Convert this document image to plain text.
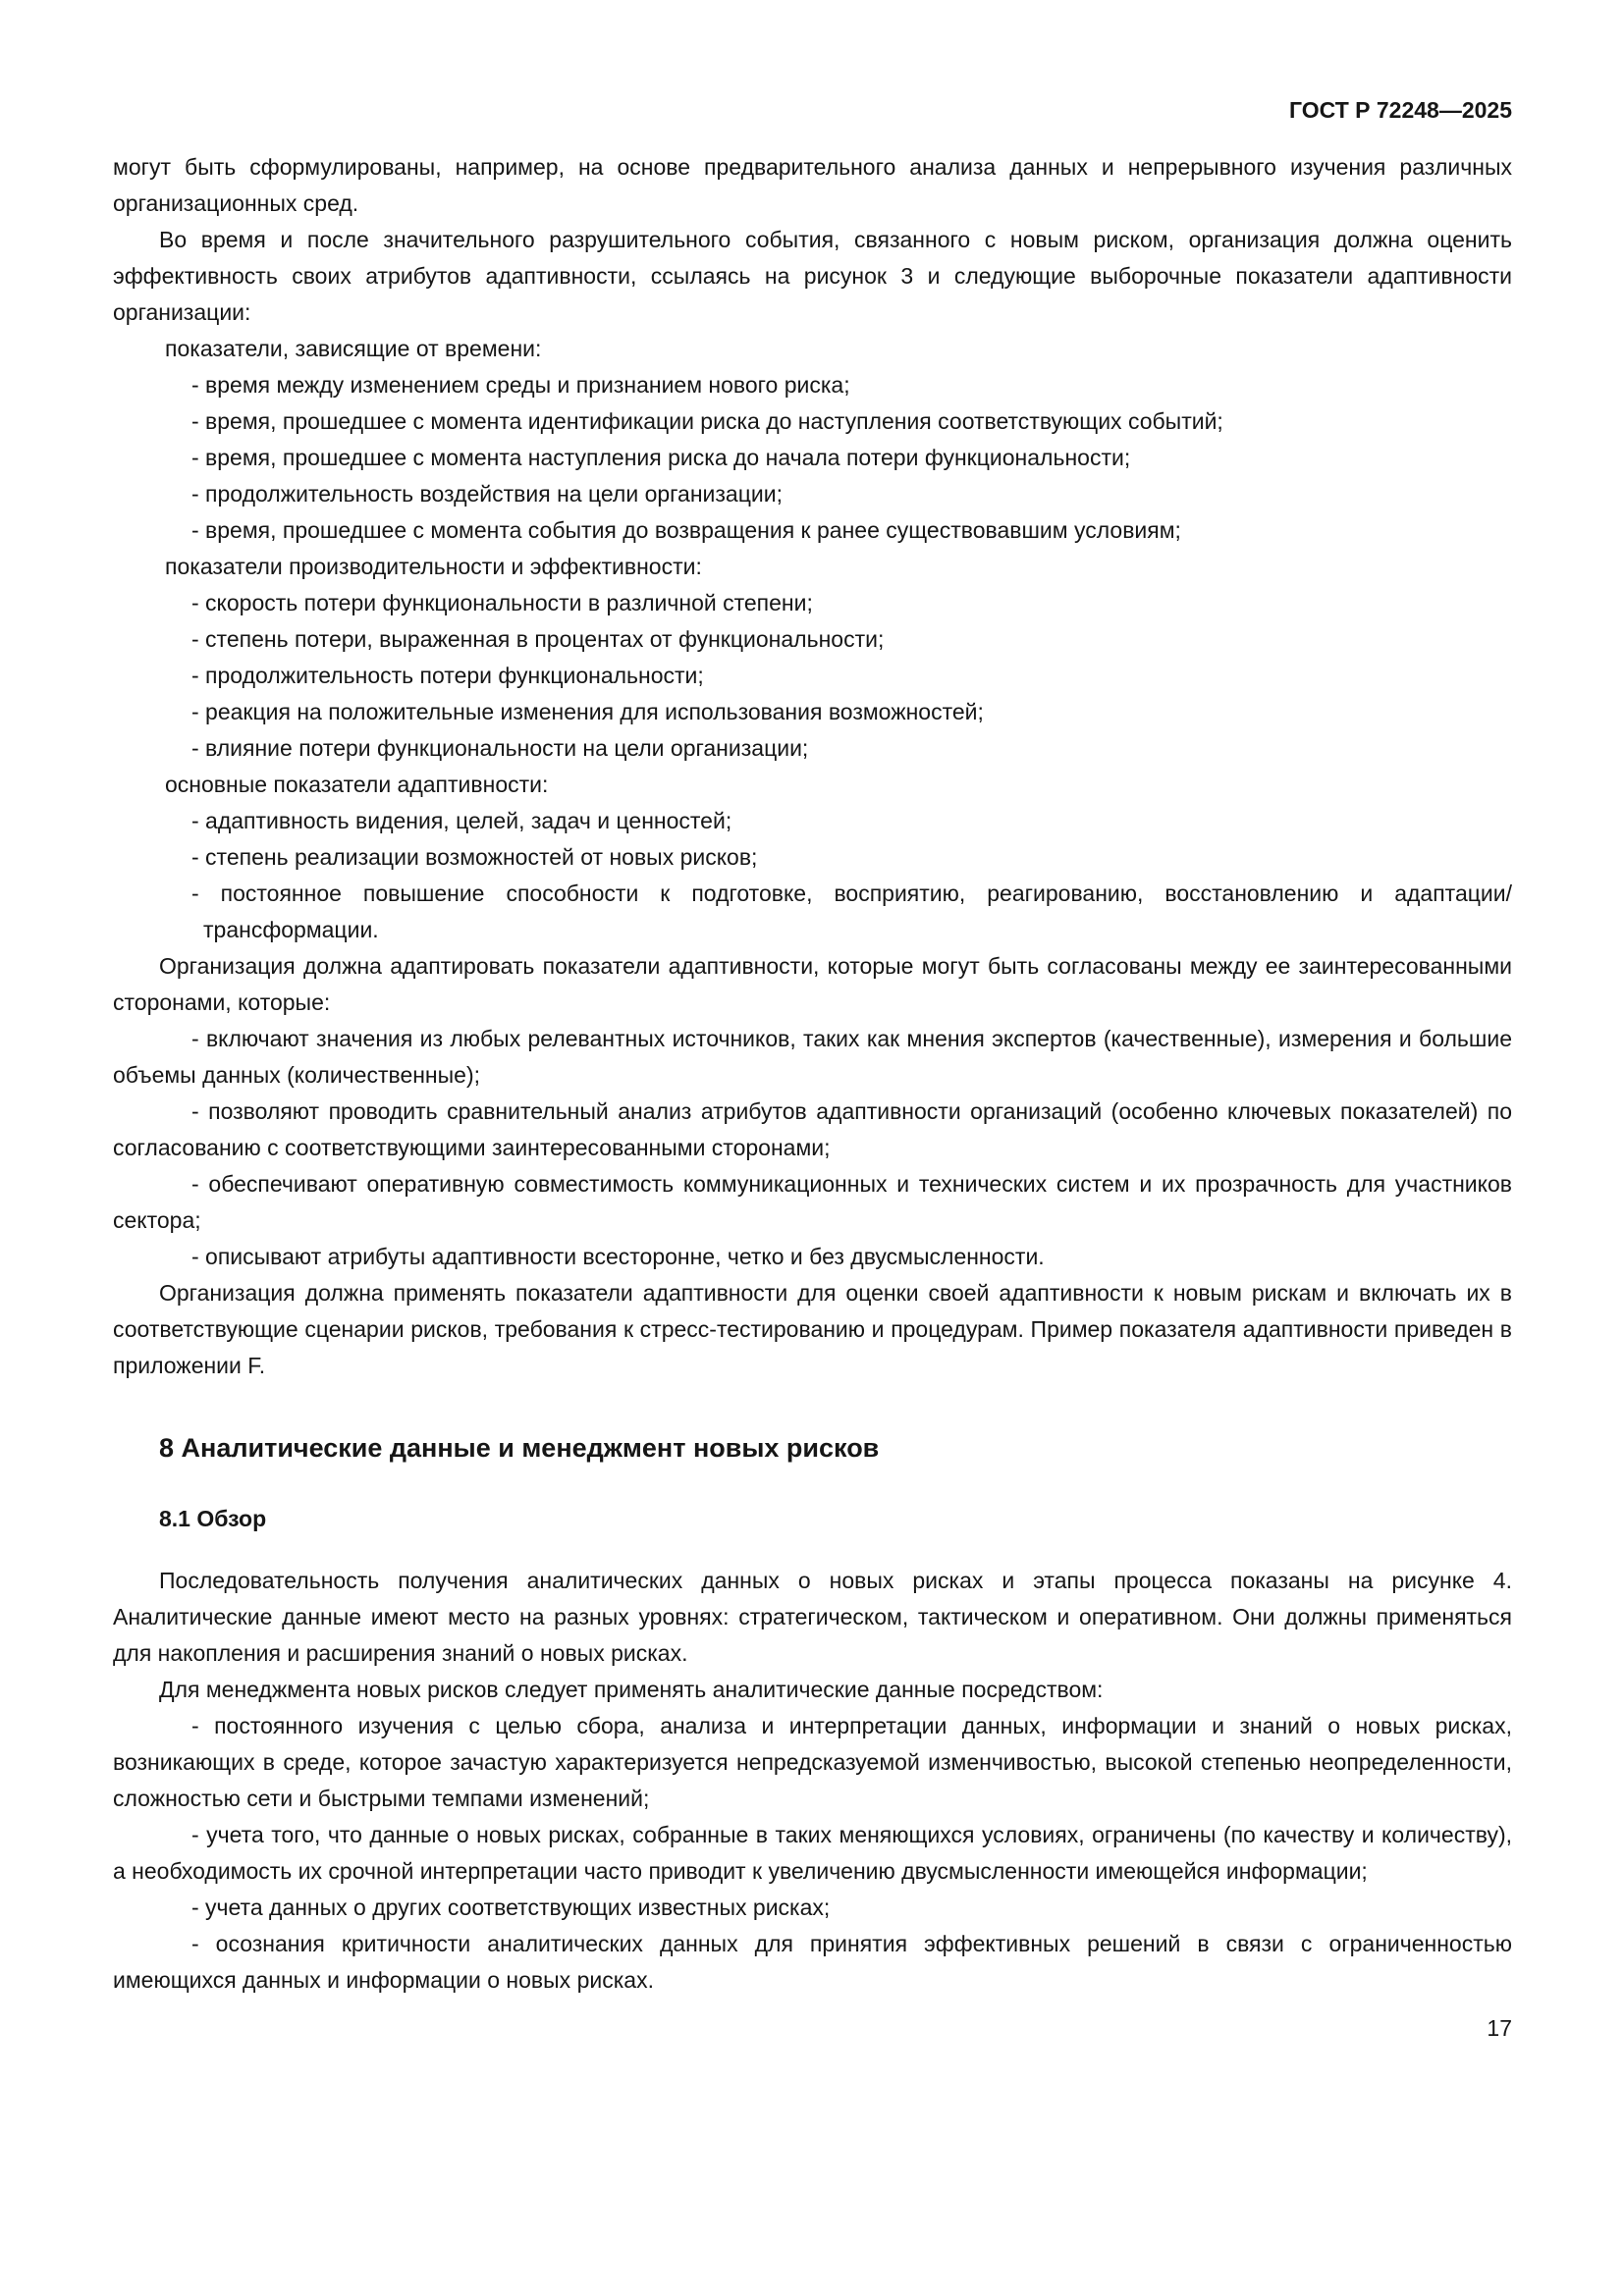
ГОСТ Р 72248—2025

могут быть сформулированы, например, на основе предварительного анализа данных и непрерывного изучения различных организационных сред.

Во время и после значительного разрушительного события, связанного с новым риском, организация должна оценить эффективность своих атрибутов адаптивности, ссылаясь на рисунок 3 и следующие выборочные показатели адаптивности организации:

показатели, зависящие от времени:

- время между изменением среды и признанием нового риска;

- время, прошедшее с момента идентификации риска до наступления соответствующих событий;

- время, прошедшее с момента наступления риска до начала потери функциональности;

- продолжительность воздействия на цели организации;

- время, прошедшее с момента события до возвращения к ранее существовавшим условиям;

показатели производительности и эффективности:

- скорость потери функциональности в различной степени;

- степень потери, выраженная в процентах от функциональности;

- продолжительность потери функциональности;

- реакция на положительные изменения для использования возможностей;

- влияние потери функциональности на цели организации;

основные показатели адаптивности:

- адаптивность видения, целей, задач и ценностей;

- степень реализации возможностей от новых рисков;

- постоянное повышение способности к подготовке, восприятию, реагированию, восстановлению и адаптации/трансформации.

Организация должна адаптировать показатели адаптивности, которые могут быть согласованы между ее заинтересованными сторонами, которые:

- включают значения из любых релевантных источников, таких как мнения экспертов (качественные), измерения и большие объемы данных (количественные);

- позволяют проводить сравнительный анализ атрибутов адаптивности организаций (особенно ключевых показателей) по согласованию с соответствующими заинтересованными сторонами;

- обеспечивают оперативную совместимость коммуникационных и технических систем и их прозрачность для участников сектора;

- описывают атрибуты адаптивности всесторонне, четко и без двусмысленности.

Организация должна применять показатели адаптивности для оценки своей адаптивности к новым рискам и включать их в соответствующие сценарии рисков, требования к стресс-тестированию и процедурам. Пример показателя адаптивности приведен в приложении F.

8 Аналитические данные и менеджмент новых рисков
8.1 Обзор

Последовательность получения аналитических данных о новых рисках и этапы процесса показаны на рисунке 4. Аналитические данные имеют место на разных уровнях: стратегическом, тактическом и оперативном. Они должны применяться для накопления и расширения знаний о новых рисках.

Для менеджмента новых рисков следует применять аналитические данные посредством:

- постоянного изучения с целью сбора, анализа и интерпретации данных, информации и знаний о новых рисках, возникающих в среде, которое зачастую характеризуется непредсказуемой изменчивостью, высокой степенью неопределенности, сложностью сети и быстрыми темпами изменений;

- учета того, что данные о новых рисках, собранные в таких меняющихся условиях, ограничены (по качеству и количеству), а необходимость их срочной интерпретации часто приводит к увеличению двусмысленности имеющейся информации;

- учета данных о других соответствующих известных рисках;

- осознания критичности аналитических данных для принятия эффективных решений в связи с ограниченностью имеющихся данных и информации о новых рисках.

17
